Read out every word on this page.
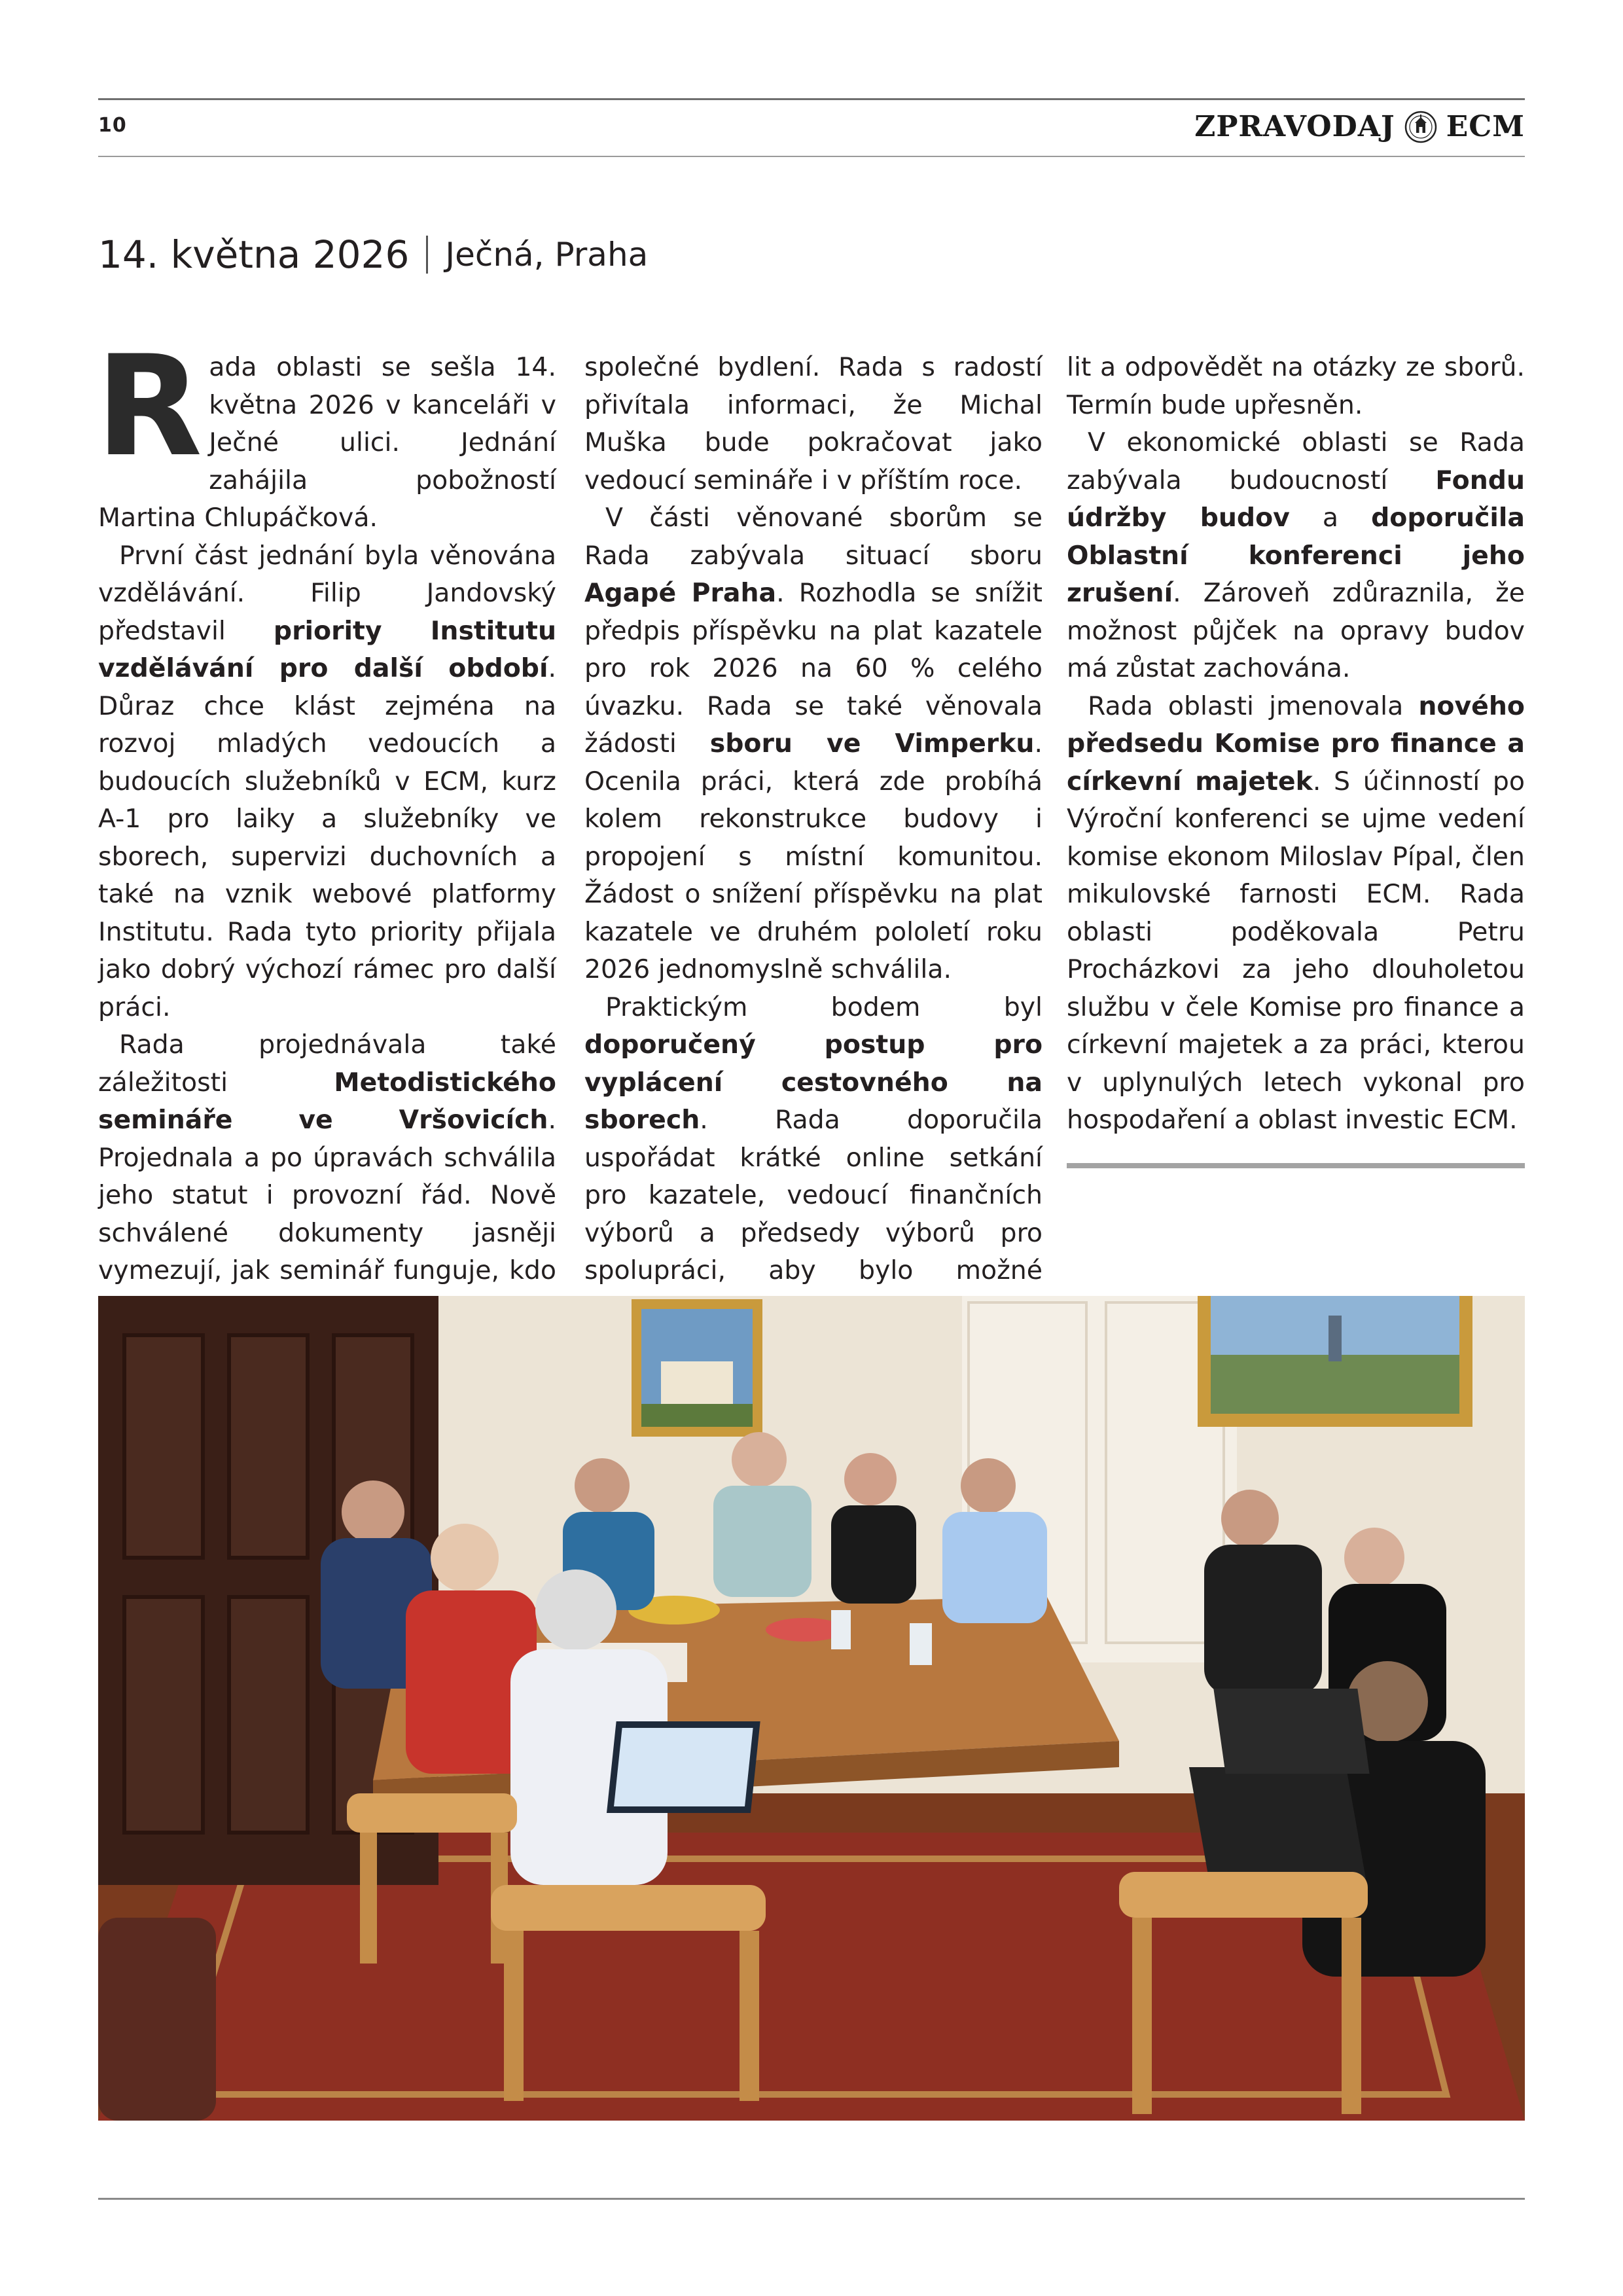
10	ZPRAVODAJ ECM
14. května 2026 Ječná, Praha

Rada oblasti se sešla 14. května 2026 v kanceláři v Ječné ulici. Jednání zahájila pobožností Martina Chlupáčková.

První část jednání byla věnována vzdělávání. Filip Jandovský představil priority Institutu vzdělávání pro další období. Důraz chce klást zejména na rozvoj mladých vedoucích a budoucích služebníků v ECM, kurz A-1 pro laiky a služebníky ve sborech, supervizi duchovních a také na vznik webové platformy Institutu. Rada tyto priority přijala jako dobrý výchozí rámec pro další práci.

Rada projednávala také záležitosti Metodistického semináře ve Vršovicích. Projednala a po úpravách schválila jeho statut i provozní řád. Nově schválené dokumenty jasněji vymezují, jak seminář funguje, kdo

společné bydlení. Rada s radostí přivítala informaci, že Michal Muška bude pokračovat jako vedoucí semináře i v příštím roce.

V části věnované sborům se Rada zabývala situací sboru Agapé Praha. Rozhodla se snížit předpis příspěvku na plat kazatele pro rok 2026 na 60 % celého úvazku. Rada se také věnovala žádosti sboru ve Vimperku. Ocenila práci, která zde probíhá kolem rekonstrukce budovy i propojení s místní komunitou. Žádost o snížení příspěvku na plat kazatele ve druhém pololetí roku 2026 jednomyslně schválila.

Praktickým bodem byl doporučený postup pro vyplácení cestovného na sborech. Rada doporučila uspořádat krátké online setkání pro kazatele, vedoucí finančních výborů a předsedy výborů pro spolupráci, aby bylo možné

lit a odpovědět na otázky ze sborů. Termín bude upřesněn.

V ekonomické oblasti se Rada zabývala budoucností Fondu údržby budov a doporučila Oblastní konferenci jeho zrušení. Zároveň zdůraznila, že možnost půjček na opravy budov má zůstat zachována.

Rada oblasti jmenovala nového předsedu Komise pro finance a církevní majetek. S účinností po Výroční konferenci se ujme vedení komise ekonom Miloslav Pípal, člen mikulovské farnosti ECM. Rada oblasti poděkovala Petru Procházkovi za jeho dlouholetou službu v čele Komise pro finance a církevní majetek a za práci, kterou v uplynulých letech vykonal pro hospodaření a oblast investic ECM.
